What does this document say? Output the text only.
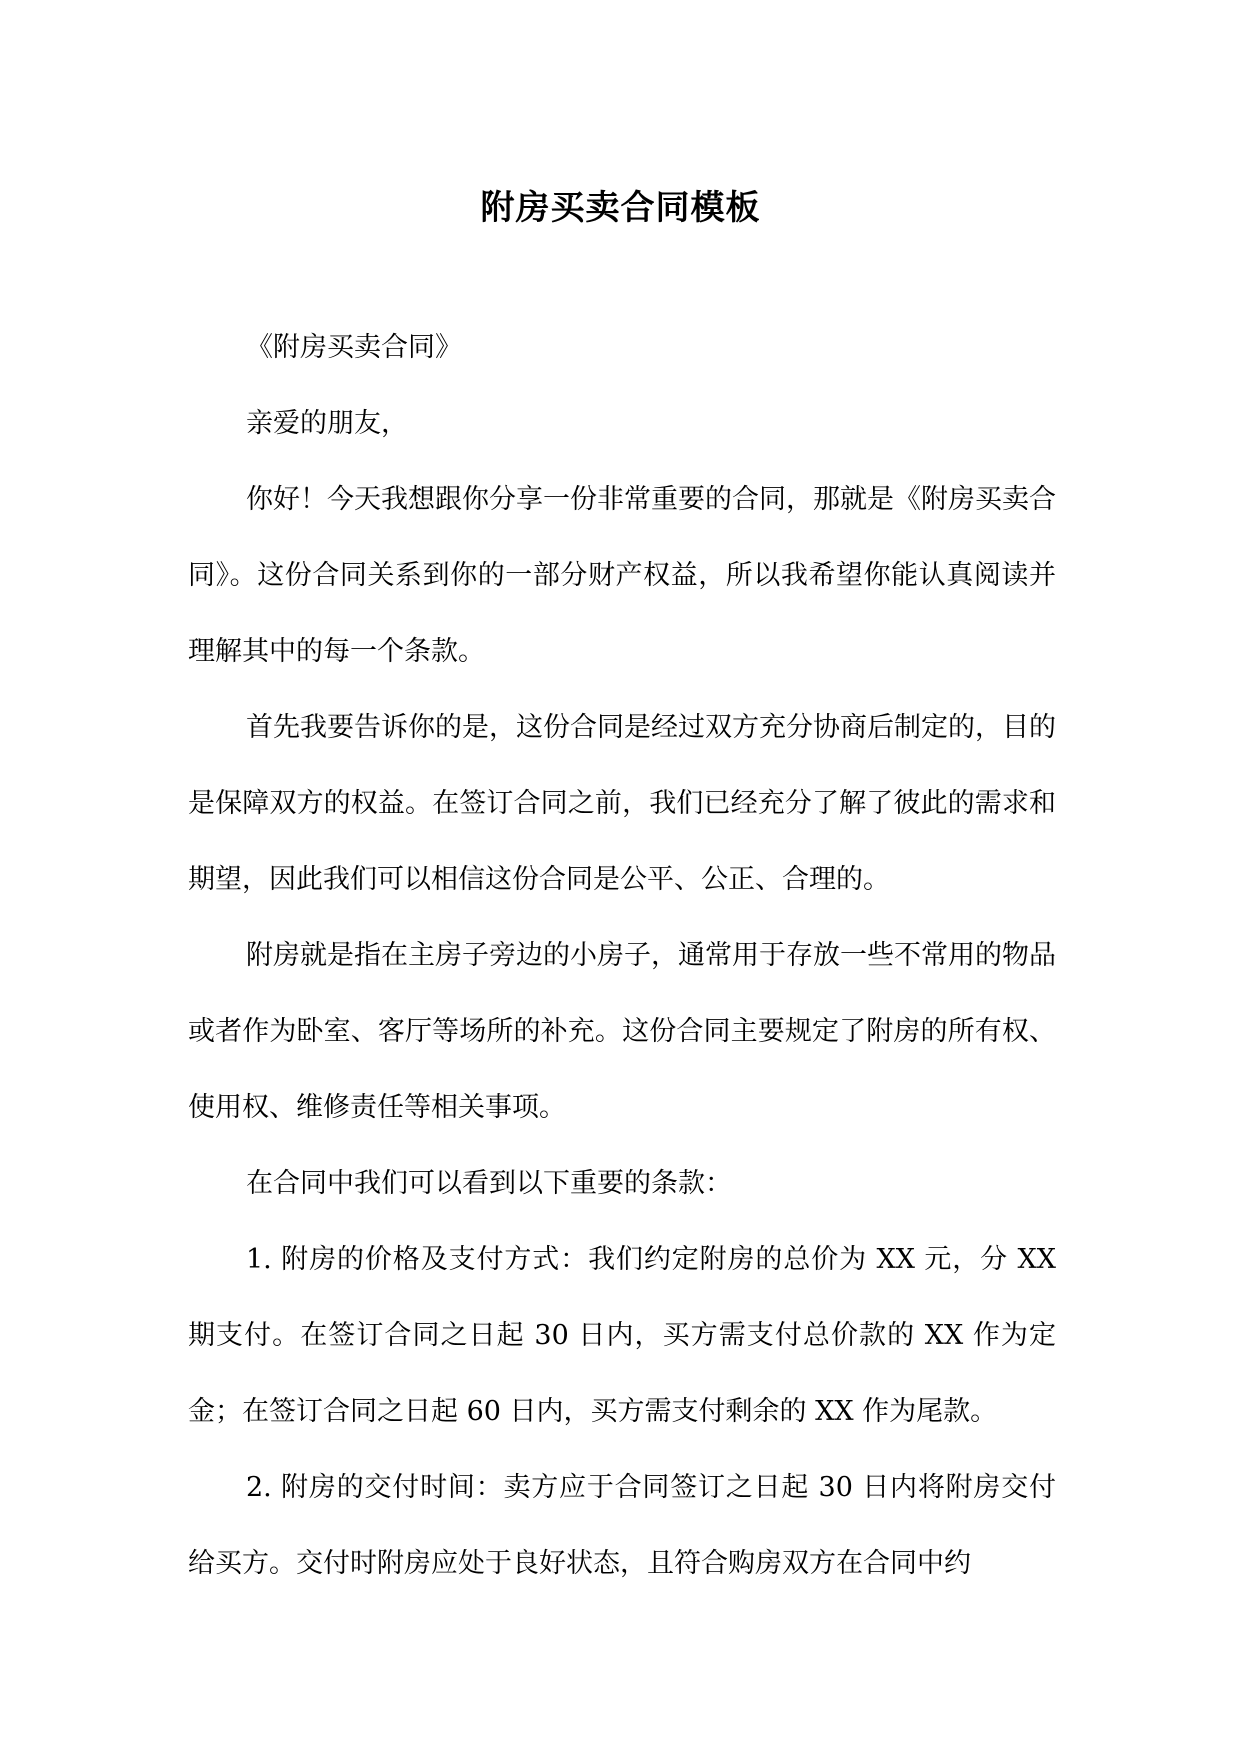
附房买卖合同模板

《附房买卖合同》

亲爱的朋友，

你好！今天我想跟你分享一份非常重要的合同，那就是《附房买卖合同》。这份合同关系到你的一部分财产权益，所以我希望你能认真阅读并理解其中的每一个条款。

首先我要告诉你的是，这份合同是经过双方充分协商后制定的，目的是保障双方的权益。在签订合同之前，我们已经充分了解了彼此的需求和期望，因此我们可以相信这份合同是公平、公正、合理的。

附房就是指在主房子旁边的小房子，通常用于存放一些不常用的物品或者作为卧室、客厅等场所的补充。这份合同主要规定了附房的所有权、使用权、维修责任等相关事项。

在合同中我们可以看到以下重要的条款：

1. 附房的价格及支付方式：我们约定附房的总价为 XX 元，分 XX 期支付。在签订合同之日起 30 日内，买方需支付总价款的 XX 作为定金；在签订合同之日起 60 日内，买方需支付剩余的 XX 作为尾款。

2. 附房的交付时间：卖方应于合同签订之日起 30 日内将附房交付给买方。交付时附房应处于良好状态，且符合购房双方在合同中约
